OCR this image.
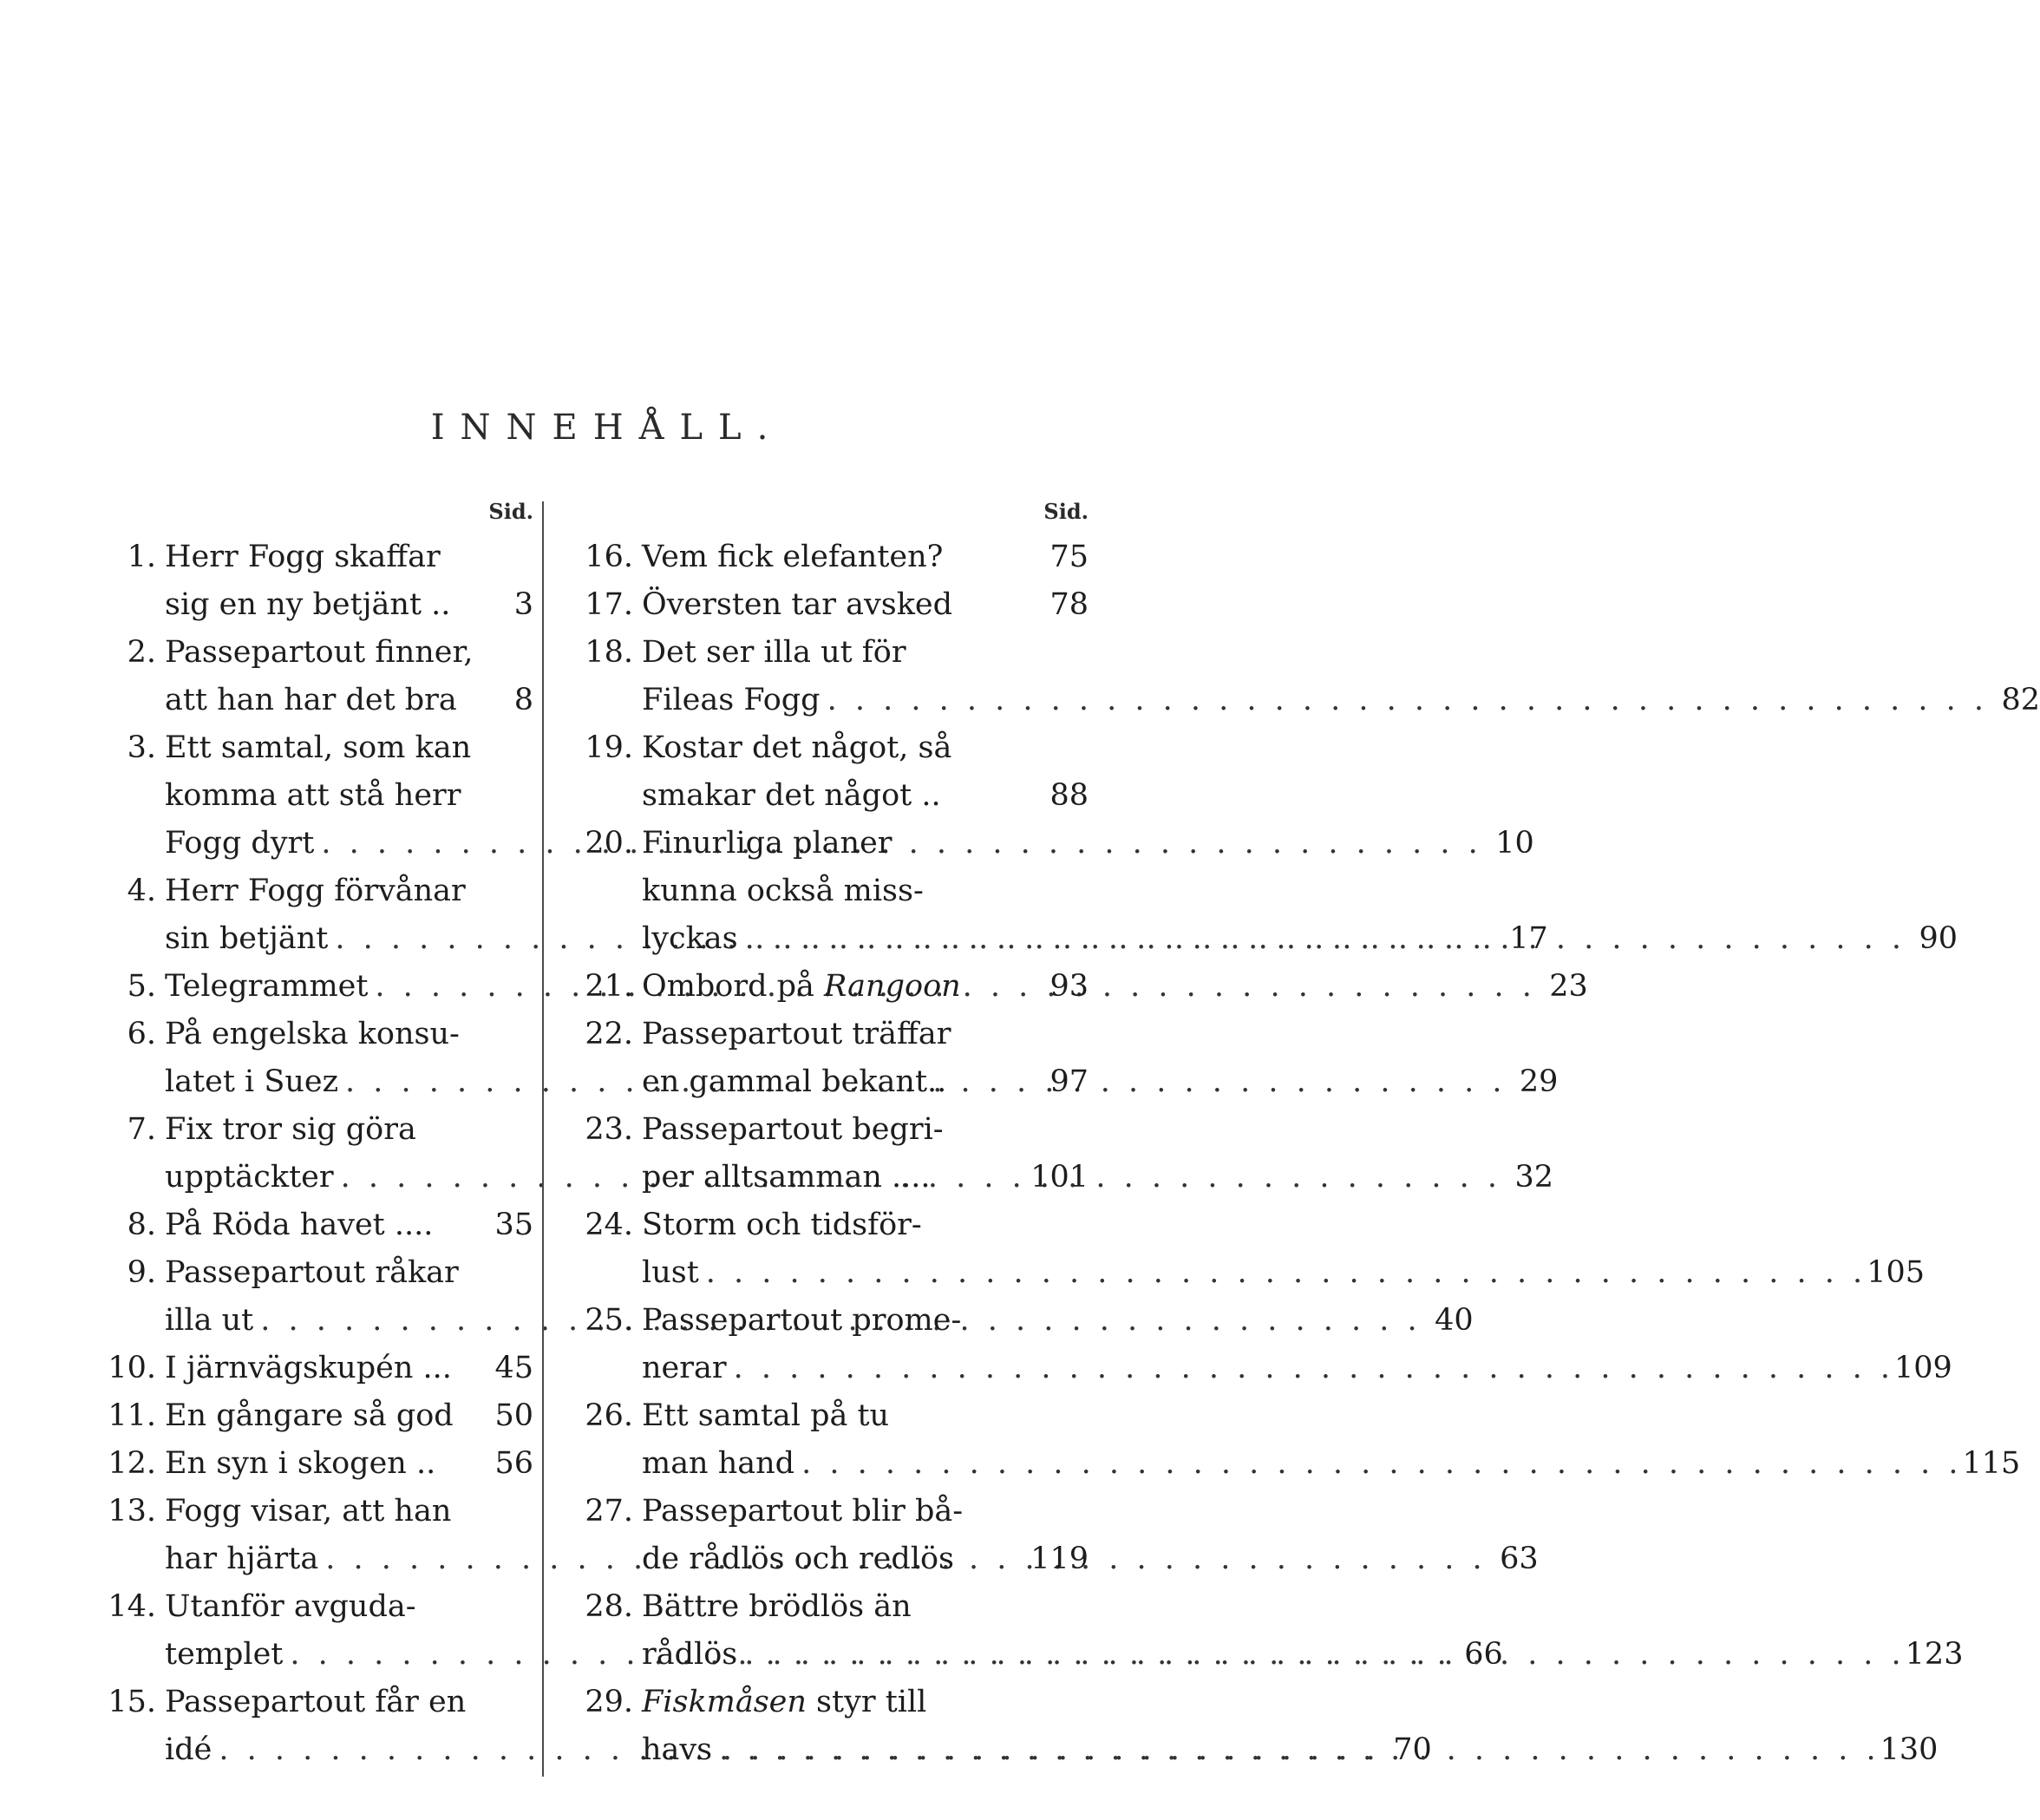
INNEHÅLL.
Sid.
1. Herr Fogg skaffar
sig en ny betjänt ..	3
2. Passepartout finner,
att han har det bra	8
3. Ett samtal, som kan
komma att stå herr
Fogg dyrt . . .	10
4. Herr Fogg förvånar
sin betjänt . . .	17
5. Telegrammet . . .	23
6. På engelska konsu-
latet i Suez . . .	29
7. Fix tror sig göra
upptäckter . . .	32
8. På Röda havet ....	35
9. Passepartout råkar
illa ut . . .	40
10. I järnvägskupén ...	45
11. En gångare så god	50
12. En syn i skogen ..	56
13. Fogg visar, att han
har hjärta . . .	63
14. Utanför avguda-
templet . . .	66
15. Passepartout får en
idé . . .	70
Sid.
16. Vem fick elefanten?	75
17. Översten tar avsked	78
18. Det ser illa ut för
Fileas Fogg . . .	82
19. Kostar det något, så
smakar det något ..	88
20. Finurliga planer
kunna också miss-
lyckas . . .	90
21. Ombord på Rangoon	93
22. Passepartout träffar
en gammal bekant..	97
23. Passepartout begri-
per alltsamman ....	101
24. Storm och tidsför-
lust . . .	105
25. Passepartout prome-
nerar . . .	109
26. Ett samtal på tu
man hand . . .	115
27. Passepartout blir bå-
de rådlös och redlös	119
28. Bättre brödlös än
rådlös . . .	123
29. Fiskmåsen styr till
havs . . .	130
